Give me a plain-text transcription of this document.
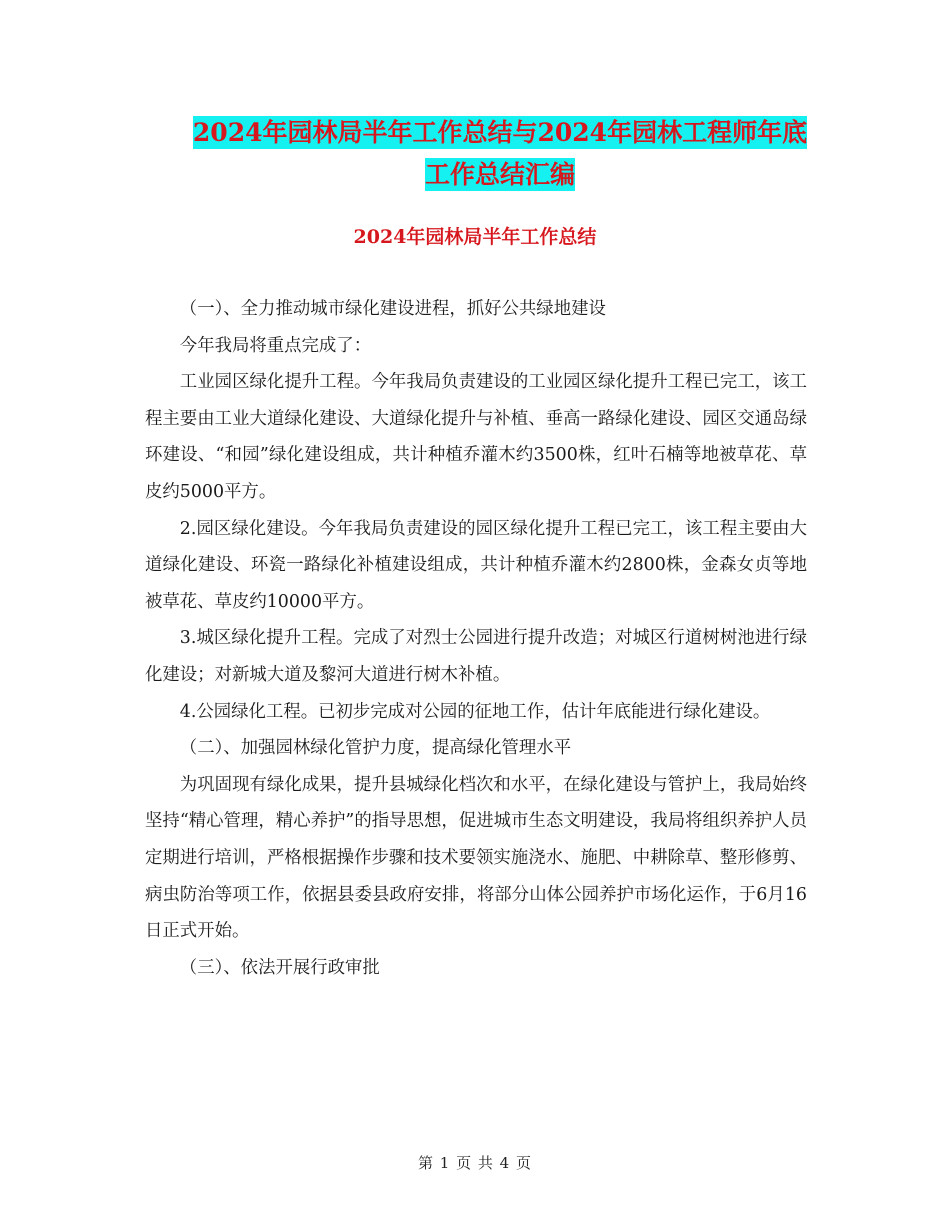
2024年园林局半年工作总结与2024年园林工程师年底
工作总结汇编
2024年园林局半年工作总结

（一）、全力推动城市绿化建设进程，抓好公共绿地建设

今年我局将重点完成了：

工业园区绿化提升工程。今年我局负责建设的工业园区绿化提升工程已完工，该工程主要由工业大道绿化建设、大道绿化提升与补植、垂高一路绿化建设、园区交通岛绿环建设、“和园”绿化建设组成，共计种植乔灌木约3500株，红叶石楠等地被草花、草皮约5000平方。

2.园区绿化建设。今年我局负责建设的园区绿化提升工程已完工，该工程主要由大道绿化建设、环瓷一路绿化补植建设组成，共计种植乔灌木约2800株，金森女贞等地被草花、草皮约10000平方。

3.城区绿化提升工程。完成了对烈士公园进行提升改造；对城区行道树树池进行绿化建设；对新城大道及黎河大道进行树木补植。

4.公园绿化工程。已初步完成对公园的征地工作，估计年底能进行绿化建设。

（二）、加强园林绿化管护力度，提高绿化管理水平

为巩固现有绿化成果，提升县城绿化档次和水平，在绿化建设与管护上，我局始终坚持“精心管理，精心养护”的指导思想，促进城市生态文明建设，我局将组织养护人员定期进行培训，严格根据操作步骤和技术要领实施浇水、施肥、中耕除草、整形修剪、病虫防治等项工作，依据县委县政府安排，将部分山体公园养护市场化运作，于6月16日正式开始。

（三）、依法开展行政审批

第 1 页 共 4 页
